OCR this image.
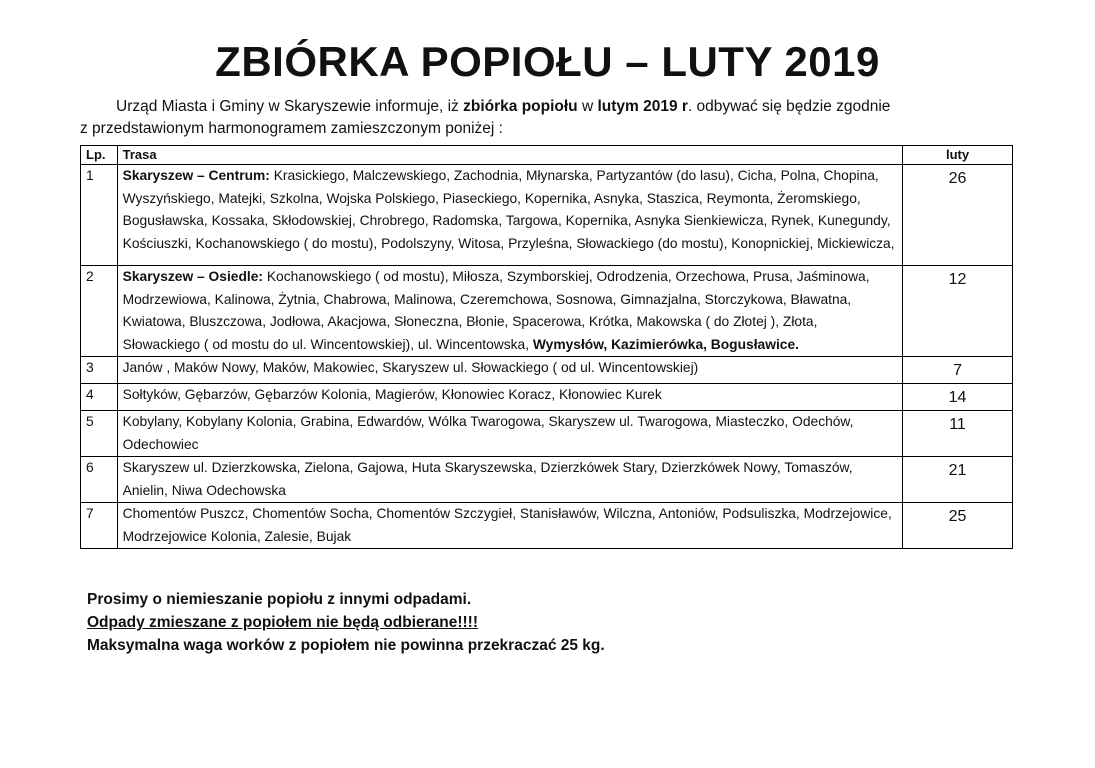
ZBIÓRKA POPIOŁU – LUTY 2019
Urząd Miasta i Gminy w Skaryszewie informuje, iż zbiórka popiołu w lutym 2019 r. odbywać się będzie zgodnie
z przedstawionym harmonogramem zamieszczonym poniżej :
Lp.	Trasa	luty
1	Skaryszew – Centrum: Krasickiego, Malczewskiego, Zachodnia, Młynarska, Partyzantów (do lasu), Cicha, Polna, Chopina, Wyszyńskiego, Matejki, Szkolna, Wojska Polskiego, Piaseckiego, Kopernika, Asnyka, Staszica, Reymonta, Żeromskiego, Bogusławska, Kossaka, Skłodowskiej, Chrobrego, Radomska, Targowa, Kopernika, Asnyka Sienkiewicza, Rynek, Kunegundy, Kościuszki, Kochanowskiego ( do mostu), Podolszyny, Witosa, Przyleśna, Słowackiego (do mostu), Konopnickiej, Mickiewicza,	26
2	Skaryszew – Osiedle: Kochanowskiego ( od mostu), Miłosza, Szymborskiej, Odrodzenia, Orzechowa, Prusa, Jaśminowa, Modrzewiowa, Kalinowa, Żytnia, Chabrowa, Malinowa, Czeremchowa, Sosnowa, Gimnazjalna, Storczykowa, Bławatna, Kwiatowa, Bluszczowa, Jodłowa, Akacjowa, Słoneczna, Błonie, Spacerowa, Krótka, Makowska ( do Złotej ), Złota, Słowackiego ( od mostu do ul. Wincentowskiej), ul. Wincentowska, Wymysłów, Kazimierówka, Bogusławice.	12
3	Janów , Maków Nowy, Maków, Makowiec, Skaryszew ul. Słowackiego ( od ul. Wincentowskiej)	7
4	Sołtyków, Gębarzów, Gębarzów Kolonia, Magierów, Kłonowiec Koracz, Kłonowiec Kurek	14
5	Kobylany, Kobylany Kolonia, Grabina, Edwardów, Wólka Twarogowa, Skaryszew ul. Twarogowa, Miasteczko, Odechów, Odechowiec	11
6	Skaryszew ul. Dzierzkowska, Zielona, Gajowa, Huta Skaryszewska, Dzierzkówek Stary, Dzierzkówek Nowy, Tomaszów, Anielin, Niwa Odechowska	21
7	Chomentów Puszcz, Chomentów Socha, Chomentów Szczygieł, Stanisławów, Wilczna, Antoniów, Podsuliszka, Modrzejowice, Modrzejowice Kolonia, Zalesie, Bujak	25
Prosimy o niemieszanie popiołu z innymi odpadami.
Odpady zmieszane z popiołem nie będą odbierane!!!!
Maksymalna waga worków z popiołem nie powinna przekraczać 25 kg.
